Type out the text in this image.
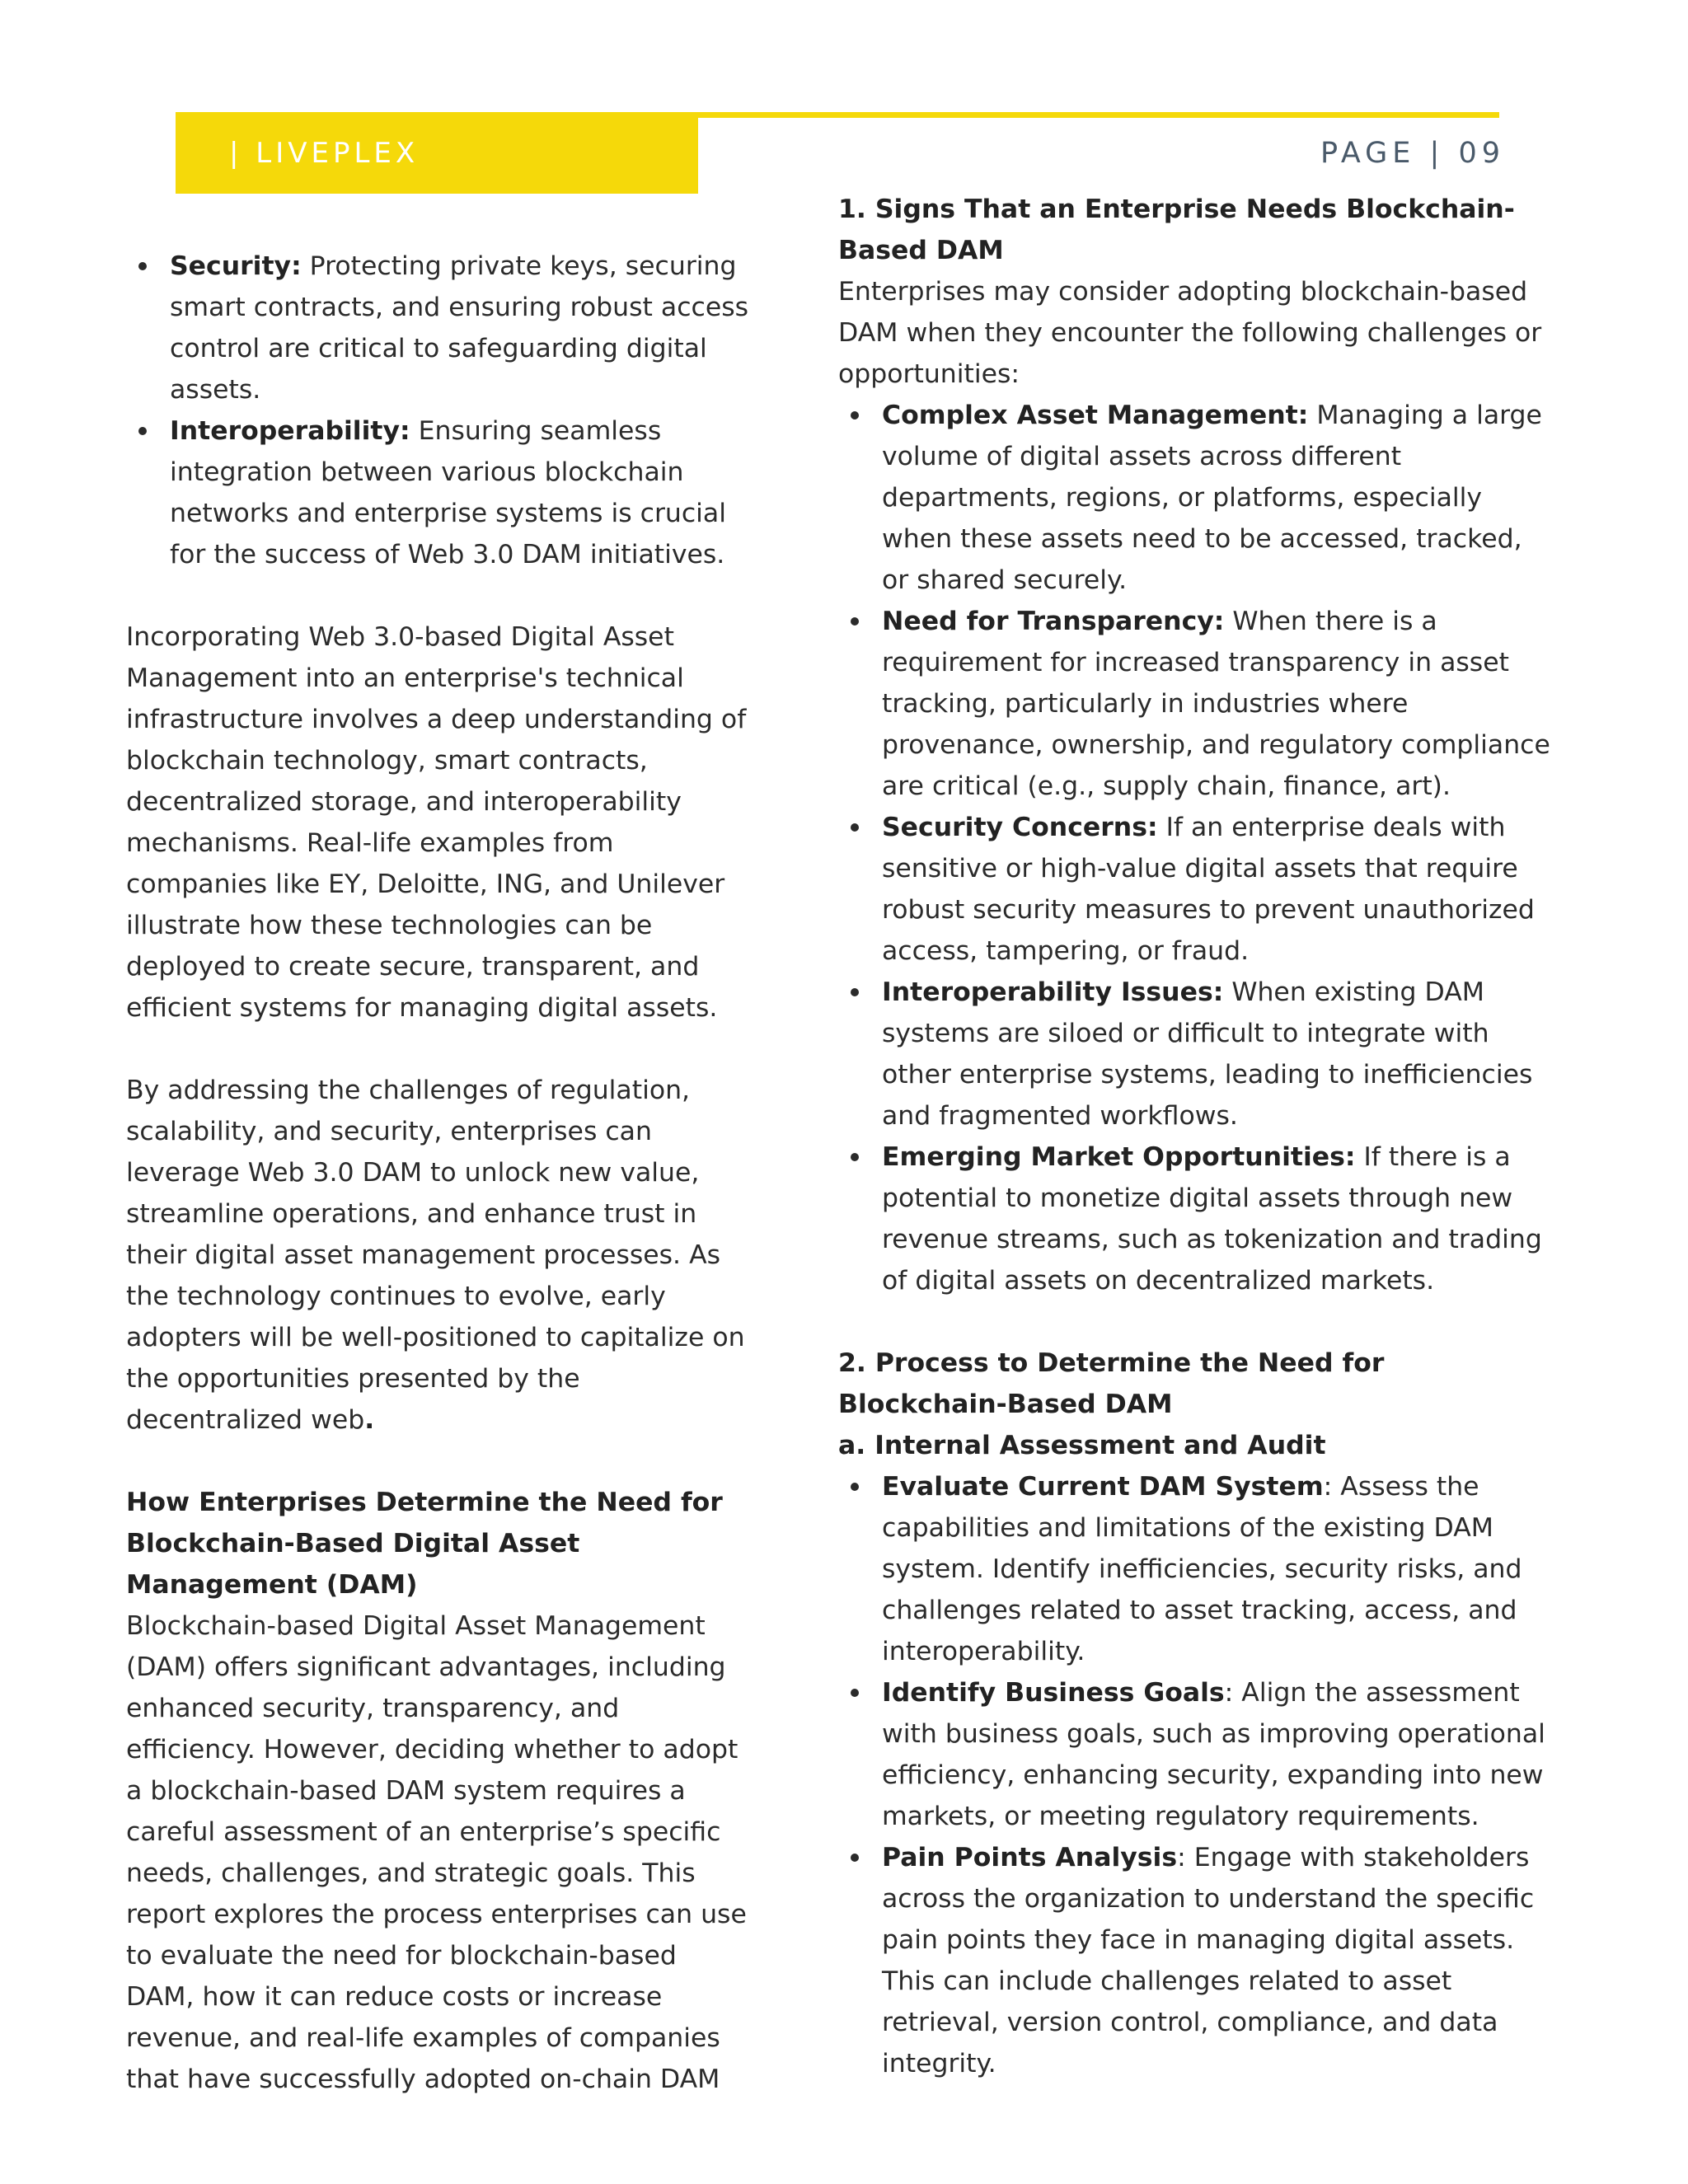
| LIVEPLEX	PAGE | 09
Security: Protecting private keys, securing smart contracts, and ensuring robust access control are critical to safeguarding digital assets.
Interoperability: Ensuring seamless integration between various blockchain networks and enterprise systems is crucial for the success of Web 3.0 DAM initiatives.

Incorporating Web 3.0-based Digital Asset Management into an enterprise's technical infrastructure involves a deep understanding of blockchain technology, smart contracts, decentralized storage, and interoperability mechanisms. Real-life examples from companies like EY, Deloitte, ING, and Unilever illustrate how these technologies can be deployed to create secure, transparent, and efficient systems for managing digital assets.

By addressing the challenges of regulation, scalability, and security, enterprises can leverage Web 3.0 DAM to unlock new value, streamline operations, and enhance trust in their digital asset management processes. As the technology continues to evolve, early adopters will be well-positioned to capitalize on the opportunities presented by the decentralized web.

How Enterprises Determine the Need for Blockchain-Based Digital Asset Management (DAM)

Blockchain-based Digital Asset Management (DAM) offers significant advantages, including enhanced security, transparency, and efficiency. However, deciding whether to adopt a blockchain-based DAM system requires a careful assessment of an enterprise’s specific needs, challenges, and strategic goals. This report explores the process enterprises can use to evaluate the need for blockchain-based DAM, how it can reduce costs or increase revenue, and real-life examples of companies that have successfully adopted on-chain DAM

1. Signs That an Enterprise Needs Blockchain-Based DAM

Enterprises may consider adopting blockchain-based DAM when they encounter the following challenges or opportunities:

Complex Asset Management: Managing a large volume of digital assets across different departments, regions, or platforms, especially when these assets need to be accessed, tracked, or shared securely.
Need for Transparency: When there is a requirement for increased transparency in asset tracking, particularly in industries where provenance, ownership, and regulatory compliance are critical (e.g., supply chain, finance, art).
Security Concerns: If an enterprise deals with sensitive or high-value digital assets that require robust security measures to prevent unauthorized access, tampering, or fraud.
Interoperability Issues: When existing DAM systems are siloed or difficult to integrate with other enterprise systems, leading to inefficiencies and fragmented workflows.
Emerging Market Opportunities: If there is a potential to monetize digital assets through new revenue streams, such as tokenization and trading of digital assets on decentralized markets.

2. Process to Determine the Need for Blockchain-Based DAM

a. Internal Assessment and Audit

Evaluate Current DAM System: Assess the capabilities and limitations of the existing DAM system. Identify inefficiencies, security risks, and challenges related to asset tracking, access, and interoperability.
Identify Business Goals: Align the assessment with business goals, such as improving operational efficiency, enhancing security, expanding into new markets, or meeting regulatory requirements.
Pain Points Analysis: Engage with stakeholders across the organization to understand the specific pain points they face in managing digital assets. This can include challenges related to asset retrieval, version control, compliance, and data integrity.
